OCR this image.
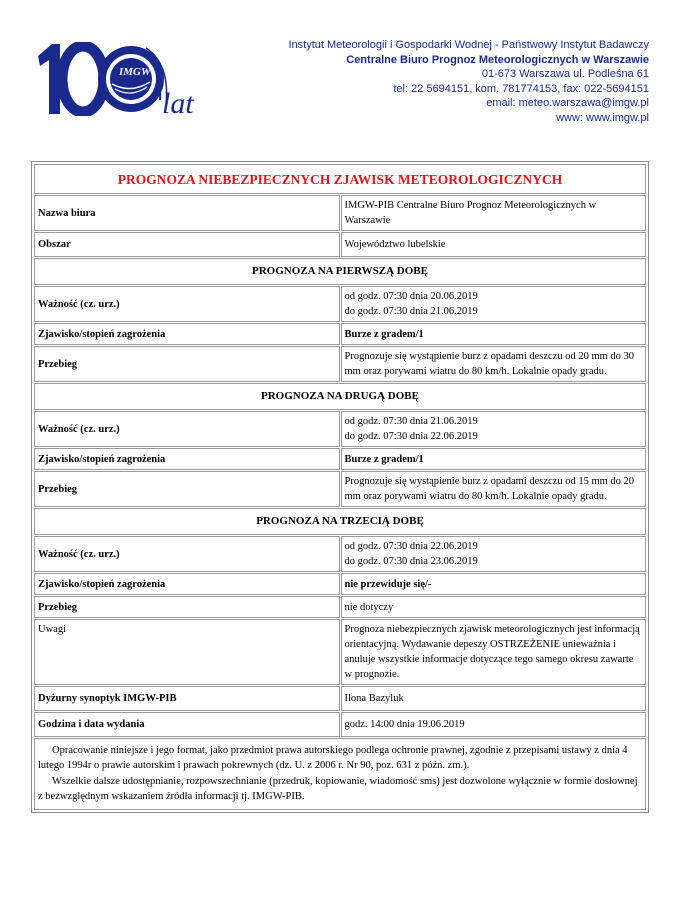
IMGW
lat
Instytut Meteorologii i Gospodarki Wodnej - Państwowy Instytut Badawczy
Centralne Biuro Prognoz Meteorologicznych w Warszawie
01-673 Warszawa ul. Podleśna 61
tel: 22 5694151, kom. 781774153, fax: 022-5694151
email: meteo.warszawa@imgw.pl
www: www.imgw.pl
PROGNOZA NIEBEZPIECZNYCH ZJAWISK METEOROLOGICZNYCH	
Nazwa biura	IMGW-PIB Centralne Biuro Prognoz Meteorologicznych w Warszawie
Obszar	Województwo lubelskie
PROGNOZA NA PIERWSZĄ DOBĘ	
Ważność (cz. urz.)	od godz. 07:30 dnia 20.06.2019
do godz. 07:30 dnia 21.06.2019

Zjawisko/stopień zagrożenia	Burze z gradem/1
Przebieg	Prognozuje się wystąpienie burz z opadami deszczu od 20 mm do 30 mm oraz porywami wiatru do 80 km/h. Lokalnie opady gradu.
PROGNOZA NA DRUGĄ DOBĘ	
Ważność (cz. urz.)	od godz. 07:30 dnia 21.06.2019
do godz. 07:30 dnia 22.06.2019

Zjawisko/stopień zagrożenia	Burze z gradem/1
Przebieg	Prognozuje się wystąpienie burz z opadami deszczu od 15 mm do 20 mm oraz porywami wiatru do 80 km/h. Lokalnie opady gradu.
PROGNOZA NA TRZECIĄ DOBĘ	
Ważność (cz. urz.)	od godz. 07:30 dnia 22.06.2019
do godz. 07:30 dnia 23.06.2019

Zjawisko/stopień zagrożenia	nie przewiduje się/-
Przebieg	nie dotyczy
Uwagi	Prognoza niebezpiecznych zjawisk meteorologicznych jest informacją orientacyjną. Wydawanie depeszy OSTRZEŻENIE unieważnia i anuluje wszystkie informacje dotyczące tego samego okresu zawarte w prognozie.
Dyżurny synoptyk IMGW-PIB	Ilona Bazyluk
Godzina i data wydania	godz. 14:00 dnia 19.06.2019

Opracowanie niniejsze i jego format, jako przedmiot prawa autorskiego podlega ochronie prawnej, zgodnie z przepisami ustawy z dnia 4 lutego 1994r o prawie autorskim i prawach pokrewnych (dz. U. z 2006 r. Nr 90, poz. 631 z późn. zm.).
Wszelkie dalsze udostępnianie, rozpowszechnianie (przedruk, kopiowanie, wiadomość sms) jest dozwolone wyłącznie w formie dosłownej z bezwzględnym wskazaniem źródła informacji tj. IMGW-PIB.	
